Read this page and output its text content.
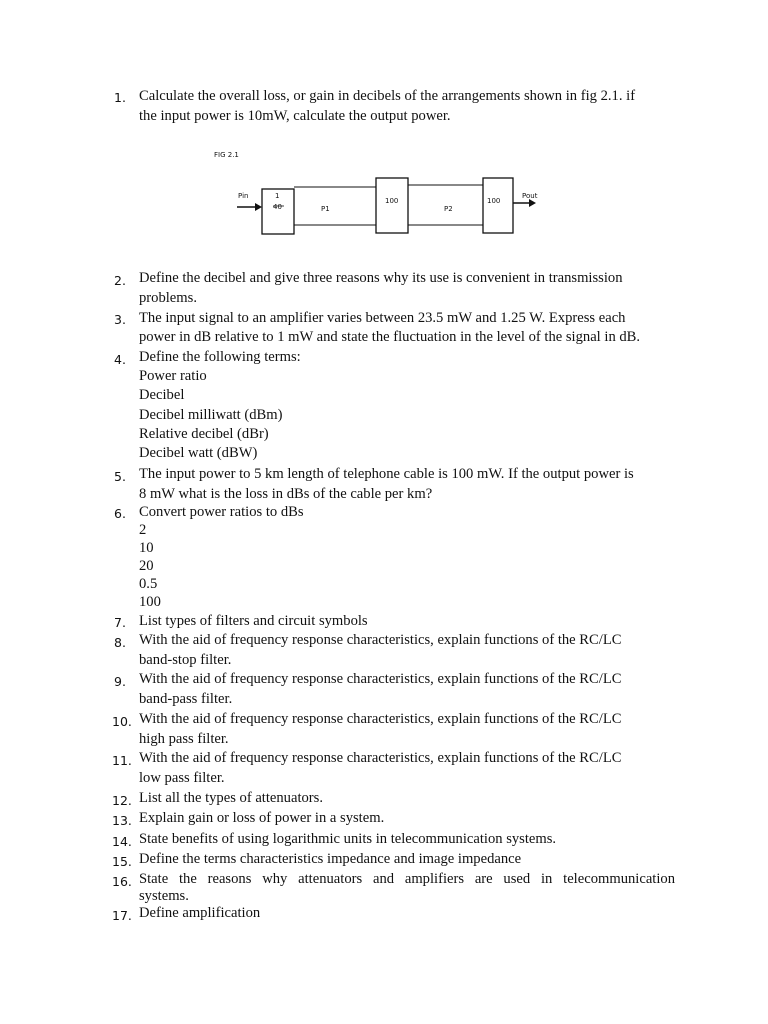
1. Calculate the overall loss, or gain in decibels of the arrangements shown in fig 2.1. if
the input power is 10mW, calculate the output power.
FIG 2.1
Pin	1
40	P1
100
P2
100
Pout
2. Define the decibel and give three reasons why its use is convenient in transmission
problems.
3. The input signal to an amplifier varies between 23.5 mW and 1.25 W. Express each
power in dB relative to 1 mW and state the fluctuation in the level of the signal in dB.
4. Define the following terms:
Power ratio
Decibel
Decibel milliwatt (dBm)
Relative decibel (dBr)
Decibel watt (dBW)
5. The input power to 5 km length of telephone cable is 100 mW. If the output power is
8 mW what is the loss in dBs of the cable per km?
6. Convert power ratios to dBs
2
10
20
0.5
100
7. List types of filters and circuit symbols
8. With the aid of frequency response characteristics, explain functions of the RC/LC
band-stop filter.
9. With the aid of frequency response characteristics, explain functions of the RC/LC
band-pass filter.
10. With the aid of frequency response characteristics, explain functions of the RC/LC
high pass filter.
11. With the aid of frequency response characteristics, explain functions of the RC/LC
low pass filter.
12. List all the types of attenuators.
13. Explain gain or loss of power in a system.
14. State benefits of using logarithmic units in telecommunication systems.
15. Define the terms characteristics impedance and image impedance
16. State the reasons why attenuators and amplifiers are used in telecommunication
systems.
17. Define amplification
